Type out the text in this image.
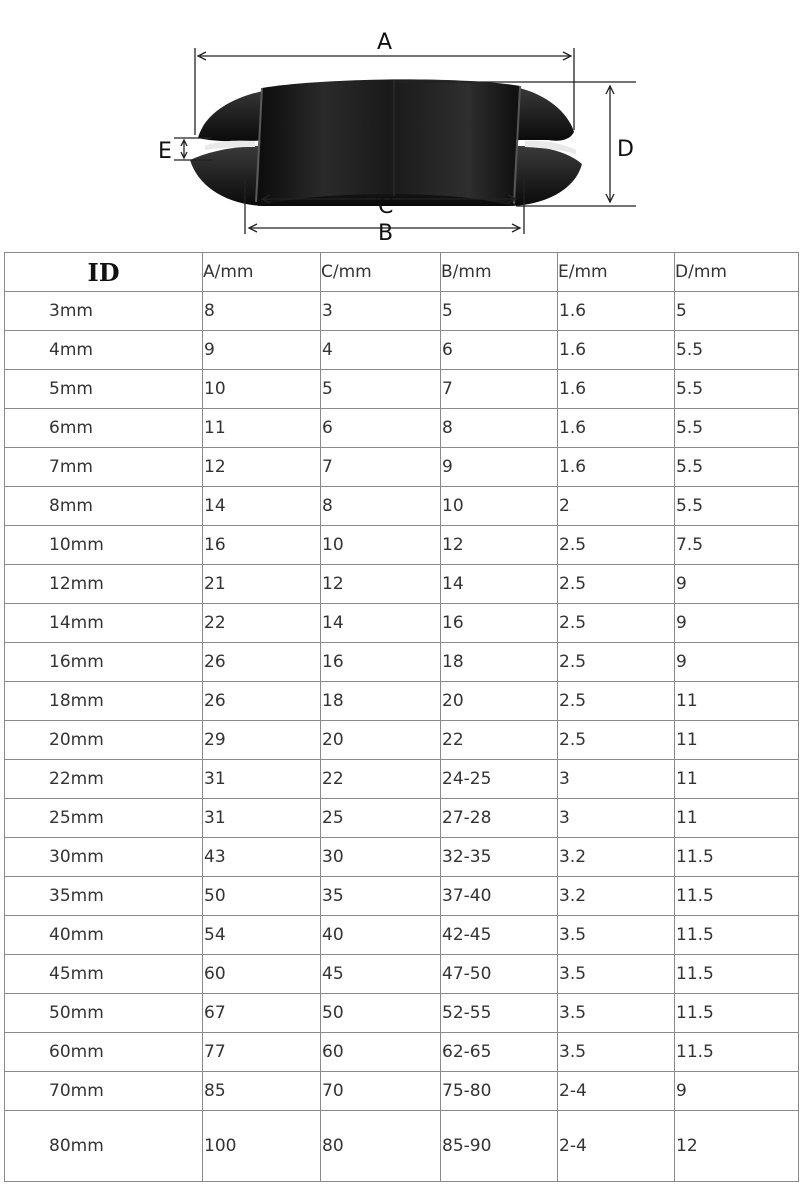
A
D
E
C
B
ID	A/mm	C/mm	B/mm	E/mm	D/mm
3mm	8	3	5	1.6	5
4mm	9	4	6	1.6	5.5
5mm	10	5	7	1.6	5.5
6mm	11	6	8	1.6	5.5
7mm	12	7	9	1.6	5.5
8mm	14	8	10	2	5.5
10mm	16	10	12	2.5	7.5
12mm	21	12	14	2.5	9
14mm	22	14	16	2.5	9
16mm	26	16	18	2.5	9
18mm	26	18	20	2.5	11
20mm	29	20	22	2.5	11
22mm	31	22	24-25	3	11
25mm	31	25	27-28	3	11
30mm	43	30	32-35	3.2	11.5
35mm	50	35	37-40	3.2	11.5
40mm	54	40	42-45	3.5	11.5
45mm	60	45	47-50	3.5	11.5
50mm	67	50	52-55	3.5	11.5
60mm	77	60	62-65	3.5	11.5
70mm	85	70	75-80	2-4	9
80mm	100	80	85-90	2-4	12
